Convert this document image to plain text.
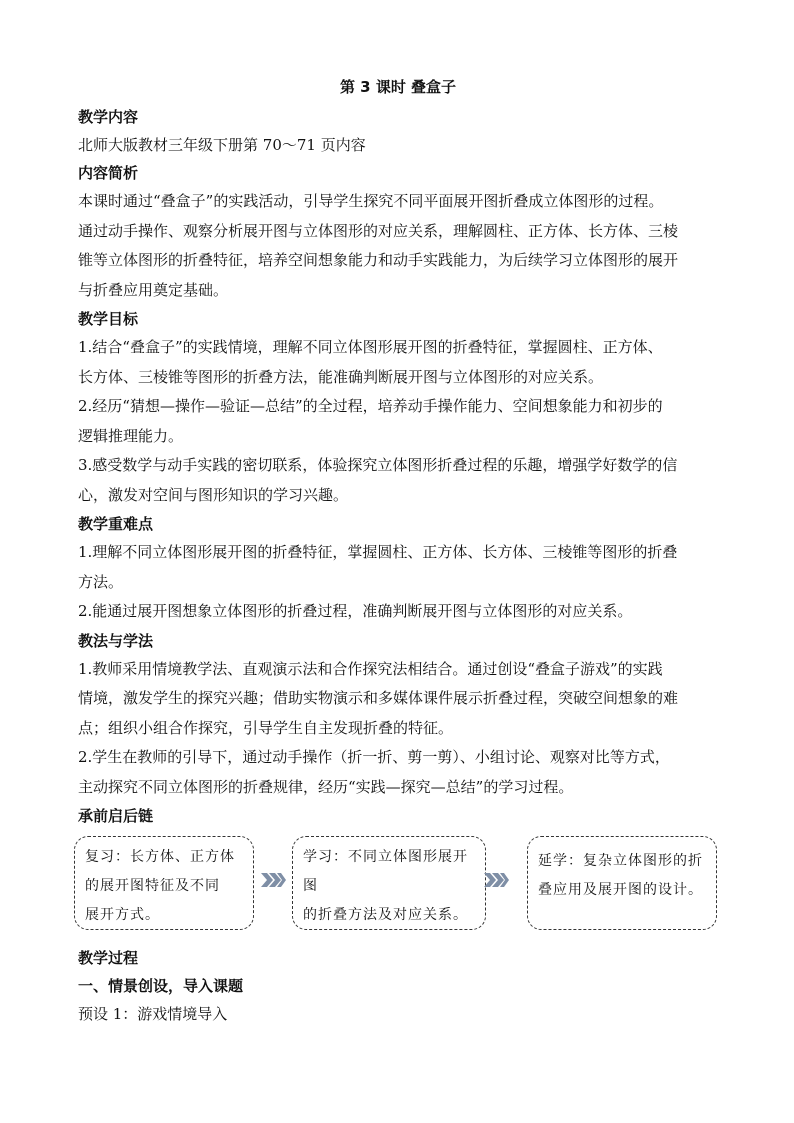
第 3 课时 叠盒子
教学内容
北师大版教材三年级下册第 70～71 页内容
内容简析
本课时通过“叠盒子”的实践活动，引导学生探究不同平面展开图折叠成立体图形的过程。
通过动手操作、观察分析展开图与立体图形的对应关系，理解圆柱、正方体、长方体、三棱
锥等立体图形的折叠特征，培养空间想象能力和动手实践能力，为后续学习立体图形的展开
与折叠应用奠定基础。
教学目标
1.结合“叠盒子”的实践情境，理解不同立体图形展开图的折叠特征，掌握圆柱、正方体、
长方体、三棱锥等图形的折叠方法，能准确判断展开图与立体图形的对应关系。
2.经历“猜想—操作—验证—总结”的全过程，培养动手操作能力、空间想象能力和初步的
逻辑推理能力。
3.感受数学与动手实践的密切联系，体验探究立体图形折叠过程的乐趣，增强学好数学的信
心，激发对空间与图形知识的学习兴趣。
教学重难点
1.理解不同立体图形展开图的折叠特征，掌握圆柱、正方体、长方体、三棱锥等图形的折叠
方法。
2.能通过展开图想象立体图形的折叠过程，准确判断展开图与立体图形的对应关系。
教法与学法
1.教师采用情境教学法、直观演示法和合作探究法相结合。通过创设“叠盒子游戏”的实践
情境，激发学生的探究兴趣；借助实物演示和多媒体课件展示折叠过程，突破空间想象的难
点；组织小组合作探究，引导学生自主发现折叠的特征。
2.学生在教师的引导下，通过动手操作（折一折、剪一剪）、小组讨论、观察对比等方式，
主动探究不同立体图形的折叠规律，经历“实践—探究—总结”的学习过程。
承前启后链
复习：长方体、正方体
的展开图特征及不同
展开方式。
学习：不同立体图形展开图
的折叠方法及对应关系。
延学：复杂立体图形的折
叠应用及展开图的设计。
教学过程
一、情景创设，导入课题
预设 1：游戏情境导入
